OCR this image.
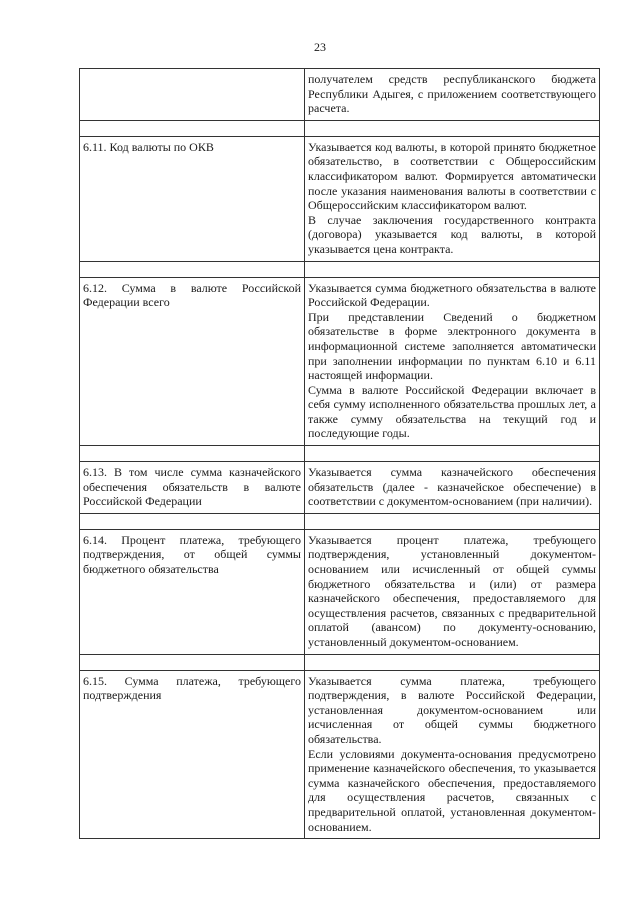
23

	получателем средств республиканского бюджета Республики Адыгея, с приложением соответствующего расчета.

6.11. Код валюты по ОКВ	Указывается код валюты, в которой принято бюджетное обязательство, в соответствии с Общероссийским классификатором валют. Формируется автоматически после указания наименования валюты в соответствии с Общероссийским классификатором валют.
В случае заключения государственного контракта (договора) указывается код валюты, в которой указывается цена контракта.

6.12. Сумма в валюте Российской Федерации всего	Указывается сумма бюджетного обязательства в валюте Российской Федерации.
При представлении Сведений о бюджетном обязательстве в форме электронного документа в информационной системе заполняется автоматически при заполнении информации по пунктам 6.10 и 6.11 настоящей информации.
Сумма в валюте Российской Федерации включает в себя сумму исполненного обязательства прошлых лет, а также сумму обязательства на текущий год и последующие годы.

6.13. В том числе сумма казначейского обеспечения обязательств в валюте Российской Федерации	Указывается сумма казначейского обеспечения обязательств (далее - казначейское обеспечение) в соответствии с документом-основанием (при наличии).

6.14. Процент платежа, требующего подтверждения, от общей суммы бюджетного обязательства	Указывается процент платежа, требующего подтверждения, установленный документом-основанием или исчисленный от общей суммы бюджетного обязательства и (или) от размера казначейского обеспечения, предоставляемого для осуществления расчетов, связанных с предварительной оплатой (авансом) по документу-основанию, установленный документом-основанием.

6.15. Сумма платежа, требующего подтверждения	Указывается сумма платежа, требующего подтверждения, в валюте Российской Федерации, установленная документом-основанием или исчисленная от общей суммы бюджетного обязательства.
Если условиями документа-основания предусмотрено применение казначейского обеспечения, то указывается сумма казначейского обеспечения, предоставляемого для осуществления расчетов, связанных с предварительной оплатой, установленная документом-основанием.
